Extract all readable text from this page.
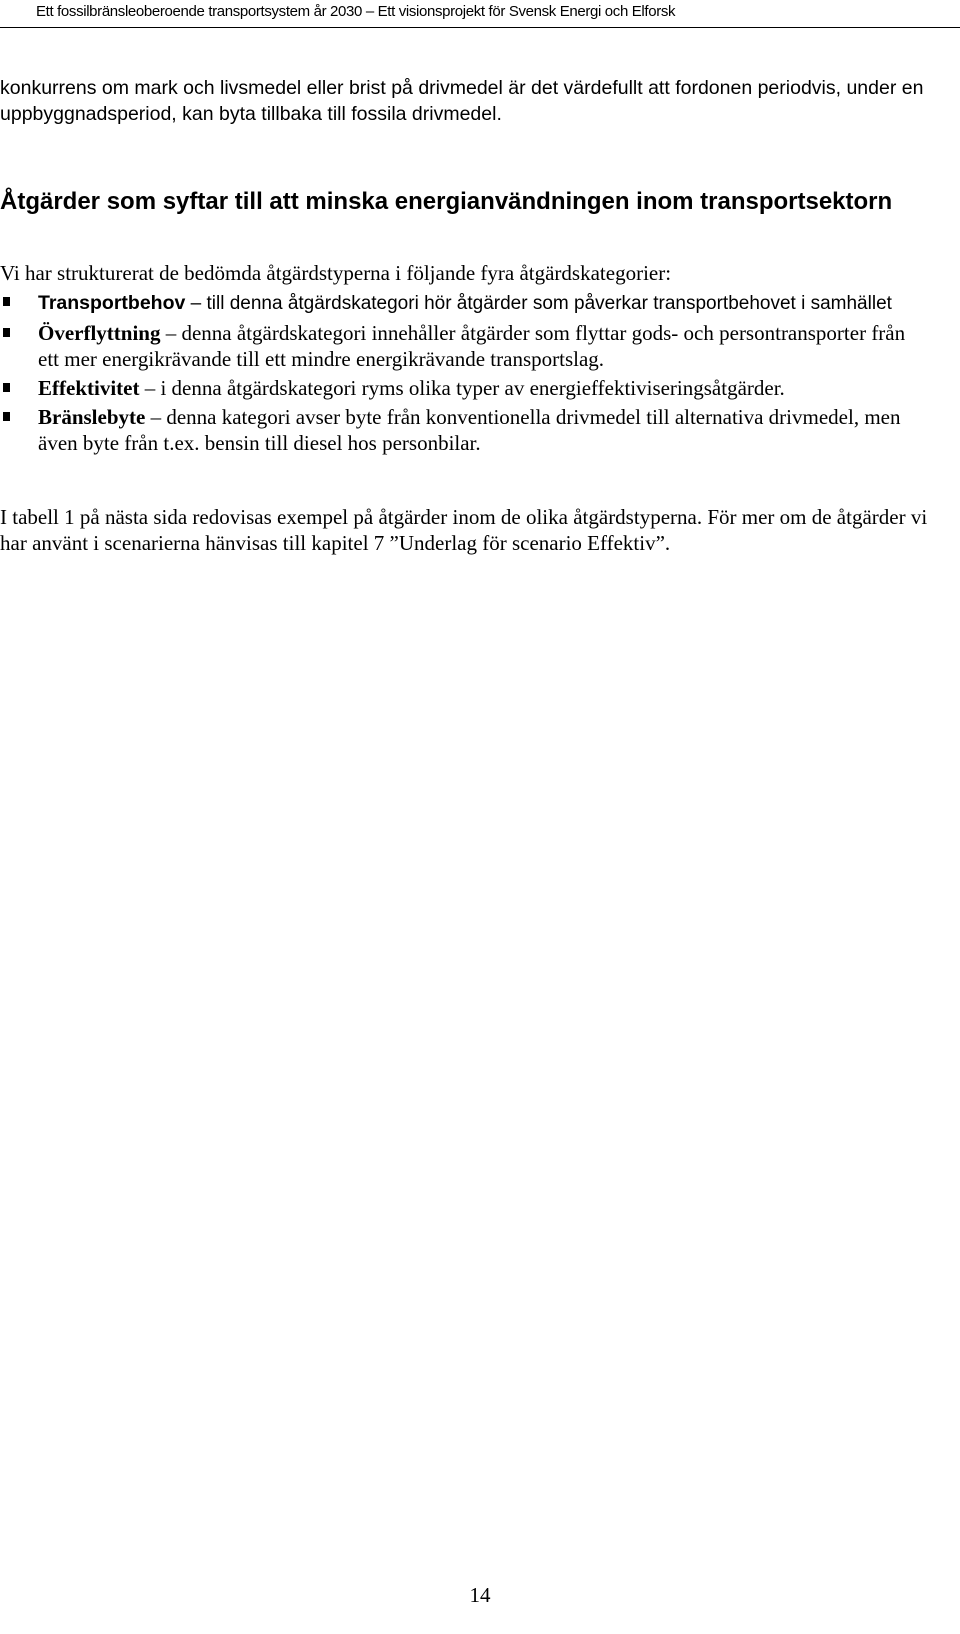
Ett fossilbränsleoberoende transportsystem år 2030 – Ett visionsprojekt för Svensk Energi och Elforsk

konkurrens om mark och livsmedel eller brist på drivmedel är det värdefullt att fordonen periodvis, under en uppbyggnadsperiod, kan byta tillbaka till fossila drivmedel.

Åtgärder som syftar till att minska energianvändningen inom transportsektorn

Vi har strukturerat de bedömda åtgärdstyperna i följande fyra åtgärdskategorier:

Transportbehov – till denna åtgärdskategori hör åtgärder som påverkar transportbehovet i samhället
Överflyttning – denna åtgärdskategori innehåller åtgärder som flyttar gods- och persontransporter från ett mer energikrävande till ett mindre energikrävande transportslag.
Effektivitet – i denna åtgärdskategori ryms olika typer av energieffektiviseringsåtgärder.
Bränslebyte – denna kategori avser byte från konventionella drivmedel till alternativa drivmedel, men även byte från t.ex. bensin till diesel hos personbilar.

I tabell 1 på nästa sida redovisas exempel på åtgärder inom de olika åtgärdstyperna. För mer om de åtgärder vi har använt i scenarierna hänvisas till kapitel 7 ”Underlag för scenario Effektiv”.

14
